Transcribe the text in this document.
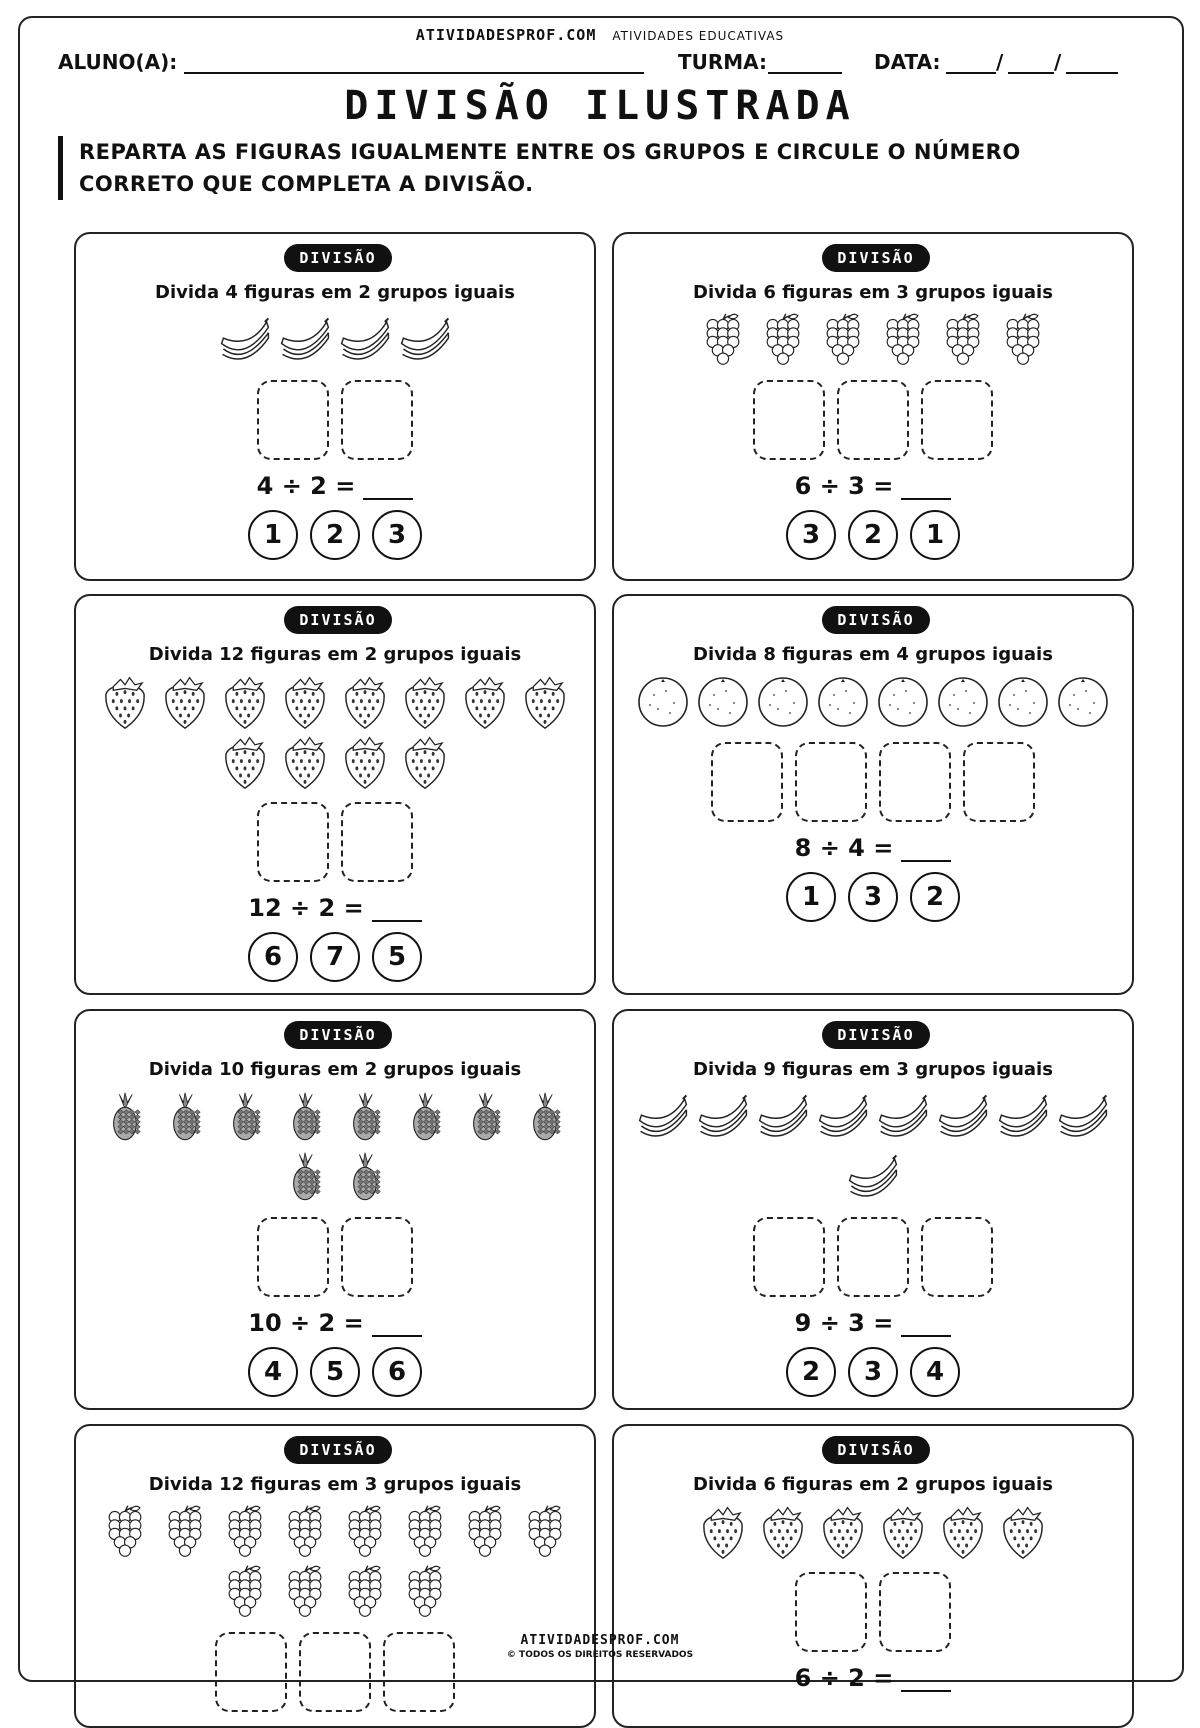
ATIVIDADESPROF.COM ATIVIDADES EDUCATIVAS
ALUNO(A):	TURMA:	DATA:	/	/
DIVISÃO ILUSTRADA
REPARTA AS FIGURAS IGUALMENTE ENTRE OS GRUPOS E CIRCULE O NÚMERO
CORRETO QUE COMPLETA A DIVISÃO.
DIVISÃO
Divida 4 figuras em 2 grupos iguais
4 ÷ 2 =
1	2	3
DIVISÃO
Divida 6 figuras em 3 grupos iguais
6 ÷ 3 =
3	2	1
DIVISÃO
Divida 12 figuras em 2 grupos iguais
12 ÷ 2 =
6	7	5
DIVISÃO
Divida 8 figuras em 4 grupos iguais
8 ÷ 4 =
1	3	2
DIVISÃO
Divida 10 figuras em 2 grupos iguais
10 ÷ 2 =
4	5	6
DIVISÃO
Divida 9 figuras em 3 grupos iguais
9 ÷ 3 =
2	3	4
DIVISÃO
Divida 12 figuras em 3 grupos iguais
DIVISÃO
Divida 6 figuras em 2 grupos iguais
6 ÷ 2 =
ATIVIDADESPROF.COM
© TODOS OS DIREITOS RESERVADOS
